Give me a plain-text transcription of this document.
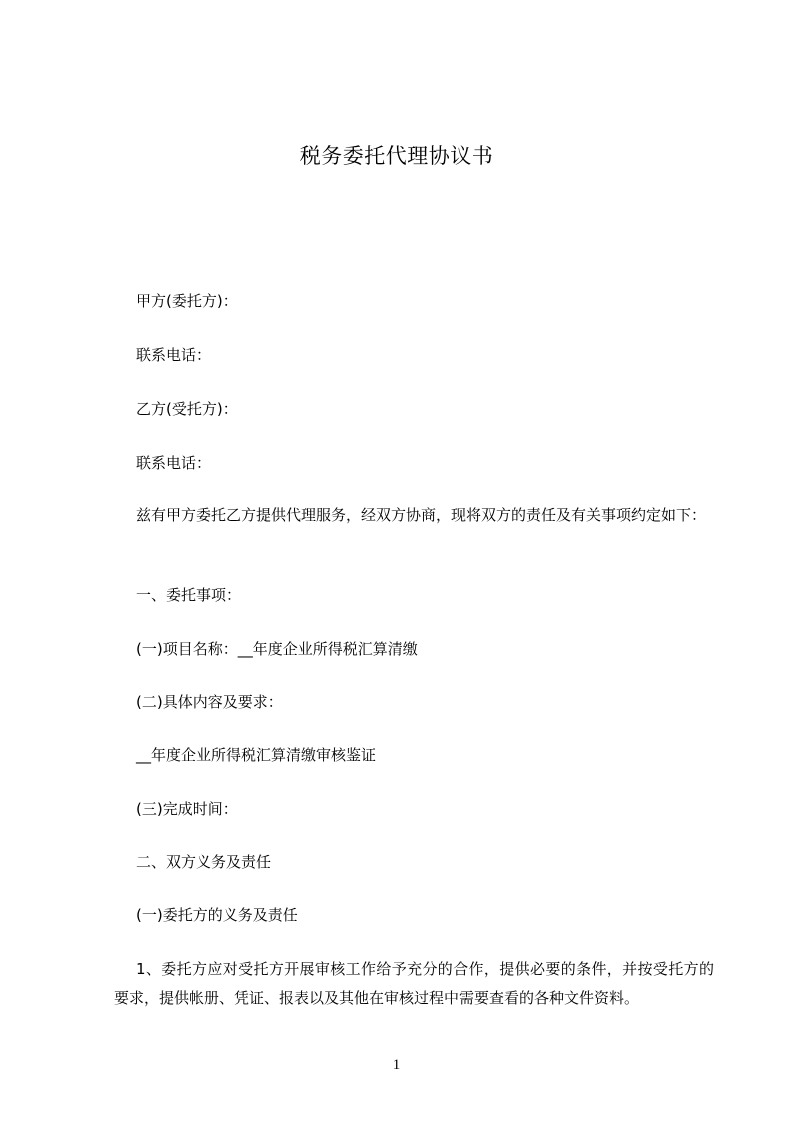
税务委托代理协议书
甲方(委托方)：
联系电话：
乙方(受托方)：
联系电话：
兹有甲方委托乙方提供代理服务，经双方协商，现将双方的责任及有关事项约定如下：
一、委托事项：
(一)项目名称：__年度企业所得税汇算清缴
(二)具体内容及要求：
__年度企业所得税汇算清缴审核鉴证
(三)完成时间：
二、双方义务及责任
(一)委托方的义务及责任
1、委托方应对受托方开展审核工作给予充分的合作，提供必要的条件，并按受托方的要求，提供帐册、凭证、报表以及其他在审核过程中需要查看的各种文件资料。
1
